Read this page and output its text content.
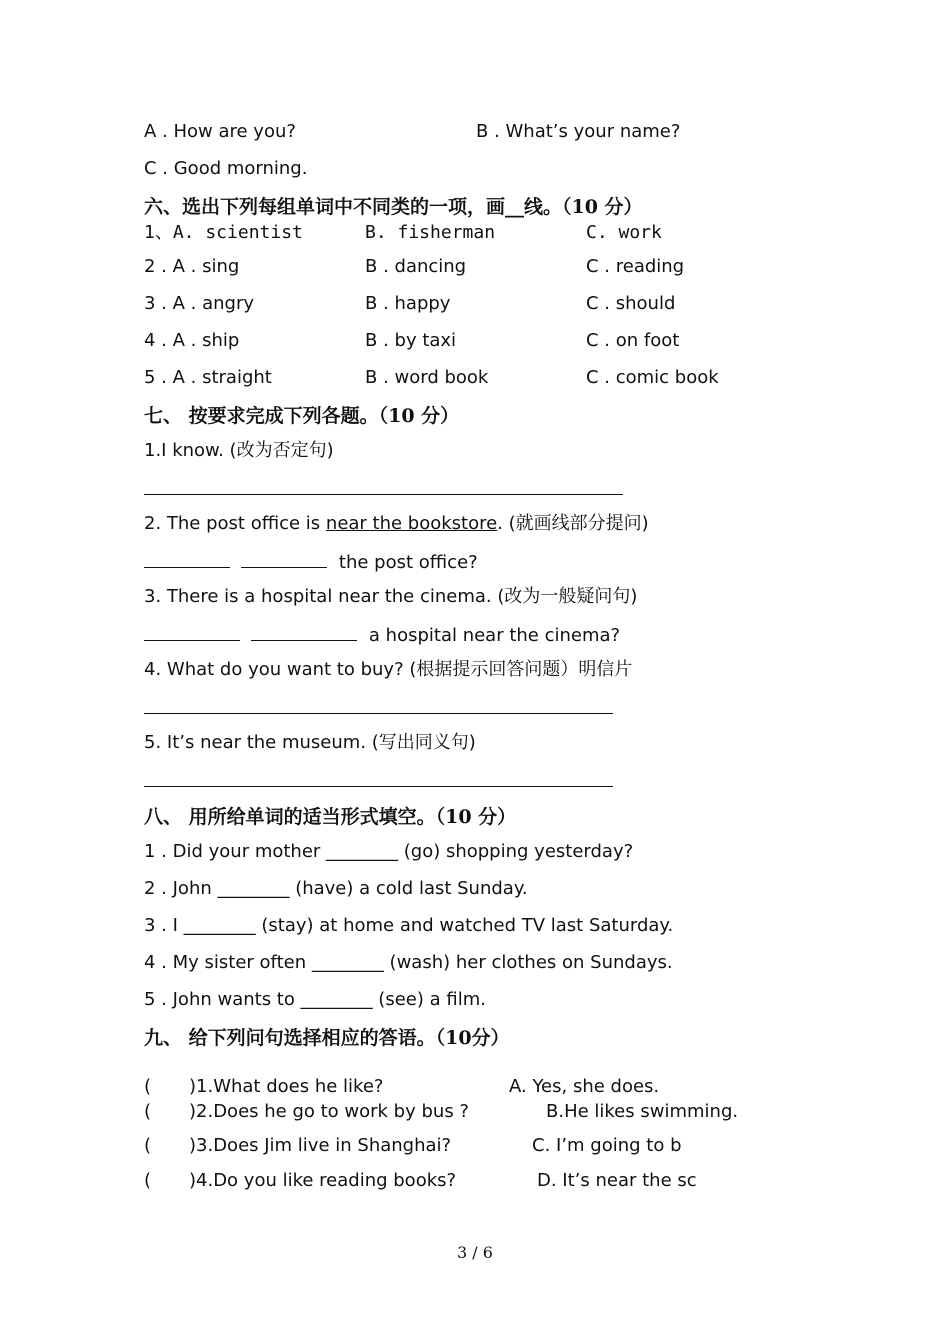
A . How are you?	B . What’s your name?
C . Good morning.
六、选出下列每组单词中不同类的一项，画__线。（10 分）
1、A. scientist	B. fisherman	C. work
2 . A . sing	B . dancing	C . reading
3 . A . angry	B . happy	C . should
4 . A . ship	B . by taxi	C . on foot
5 . A . straight	B . word book	C . comic book
七、 按要求完成下列各题。（10 分）
1.I know. (改为否定句)
2. The post office is near the bookstore. (就画线部分提问)
the post office?
3. There is a hospital near the cinema. (改为一般疑问句)
a hospital near the cinema?
4. What do you want to buy? (根据提示回答问题）明信片
5. It’s near the museum. (写出同义句)
八、 用所给单词的适当形式填空。（10 分）
1 . Did your mother ________ (go) shopping yesterday?
2 . John ________ (have) a cold last Sunday.
3 . I ________ (stay) at home and watched TV last Saturday.
4 . My sister often ________ (wash) her clothes on Sundays.
5 . John wants to ________ (see) a film.
九、 给下列问句选择相应的答语。（10分）
( )1.What does he like?	A. Yes, she does.
( )2.Does he go to work by bus ?	B.He likes swimming.
( )3.Does Jim live in Shanghai?	C. I’m going to b
( )4.Do you like reading books?	D. It’s near the sc
3 / 6
